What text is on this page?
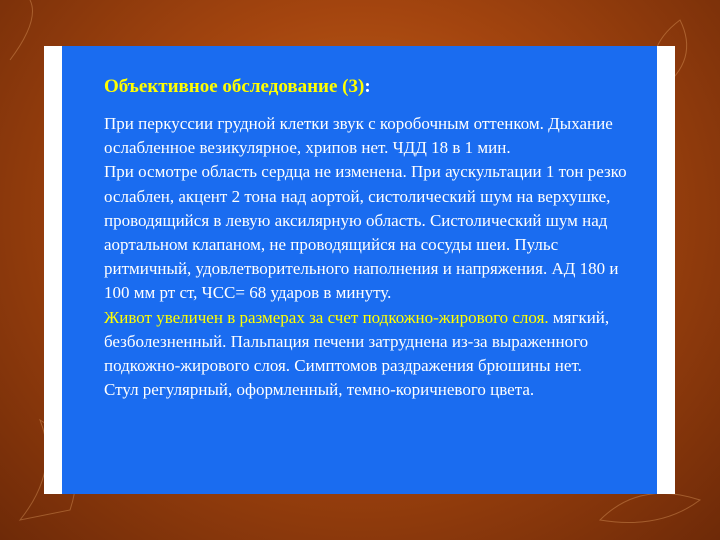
Объективное обследование (3):
При перкуссии грудной клетки звук с коробочным оттенком. Дыхание ослабленное везикулярное, хрипов нет. ЧДД 18 в 1 мин.
При осмотре область сердца не изменена. При аускультации 1 тон резко ослаблен, акцент 2 тона над аортой, систолический шум на верхушке, проводящийся в левую аксилярную область. Систолический шум над аортальном клапаном, не проводящийся на сосуды шеи. Пульс ритмичный, удовлетворительного наполнения и напряжения. АД 180 и 100 мм рт ст, ЧСС= 68 ударов в минуту.
Живот увеличен в размерах за счет подкожно-жирового слоя. мягкий, безболезненный. Пальпация печени затруднена из-за выраженного подкожно-жирового слоя. Симптомов раздражения брюшины нет.
Стул регулярный, оформленный, темно-коричневого цвета.
